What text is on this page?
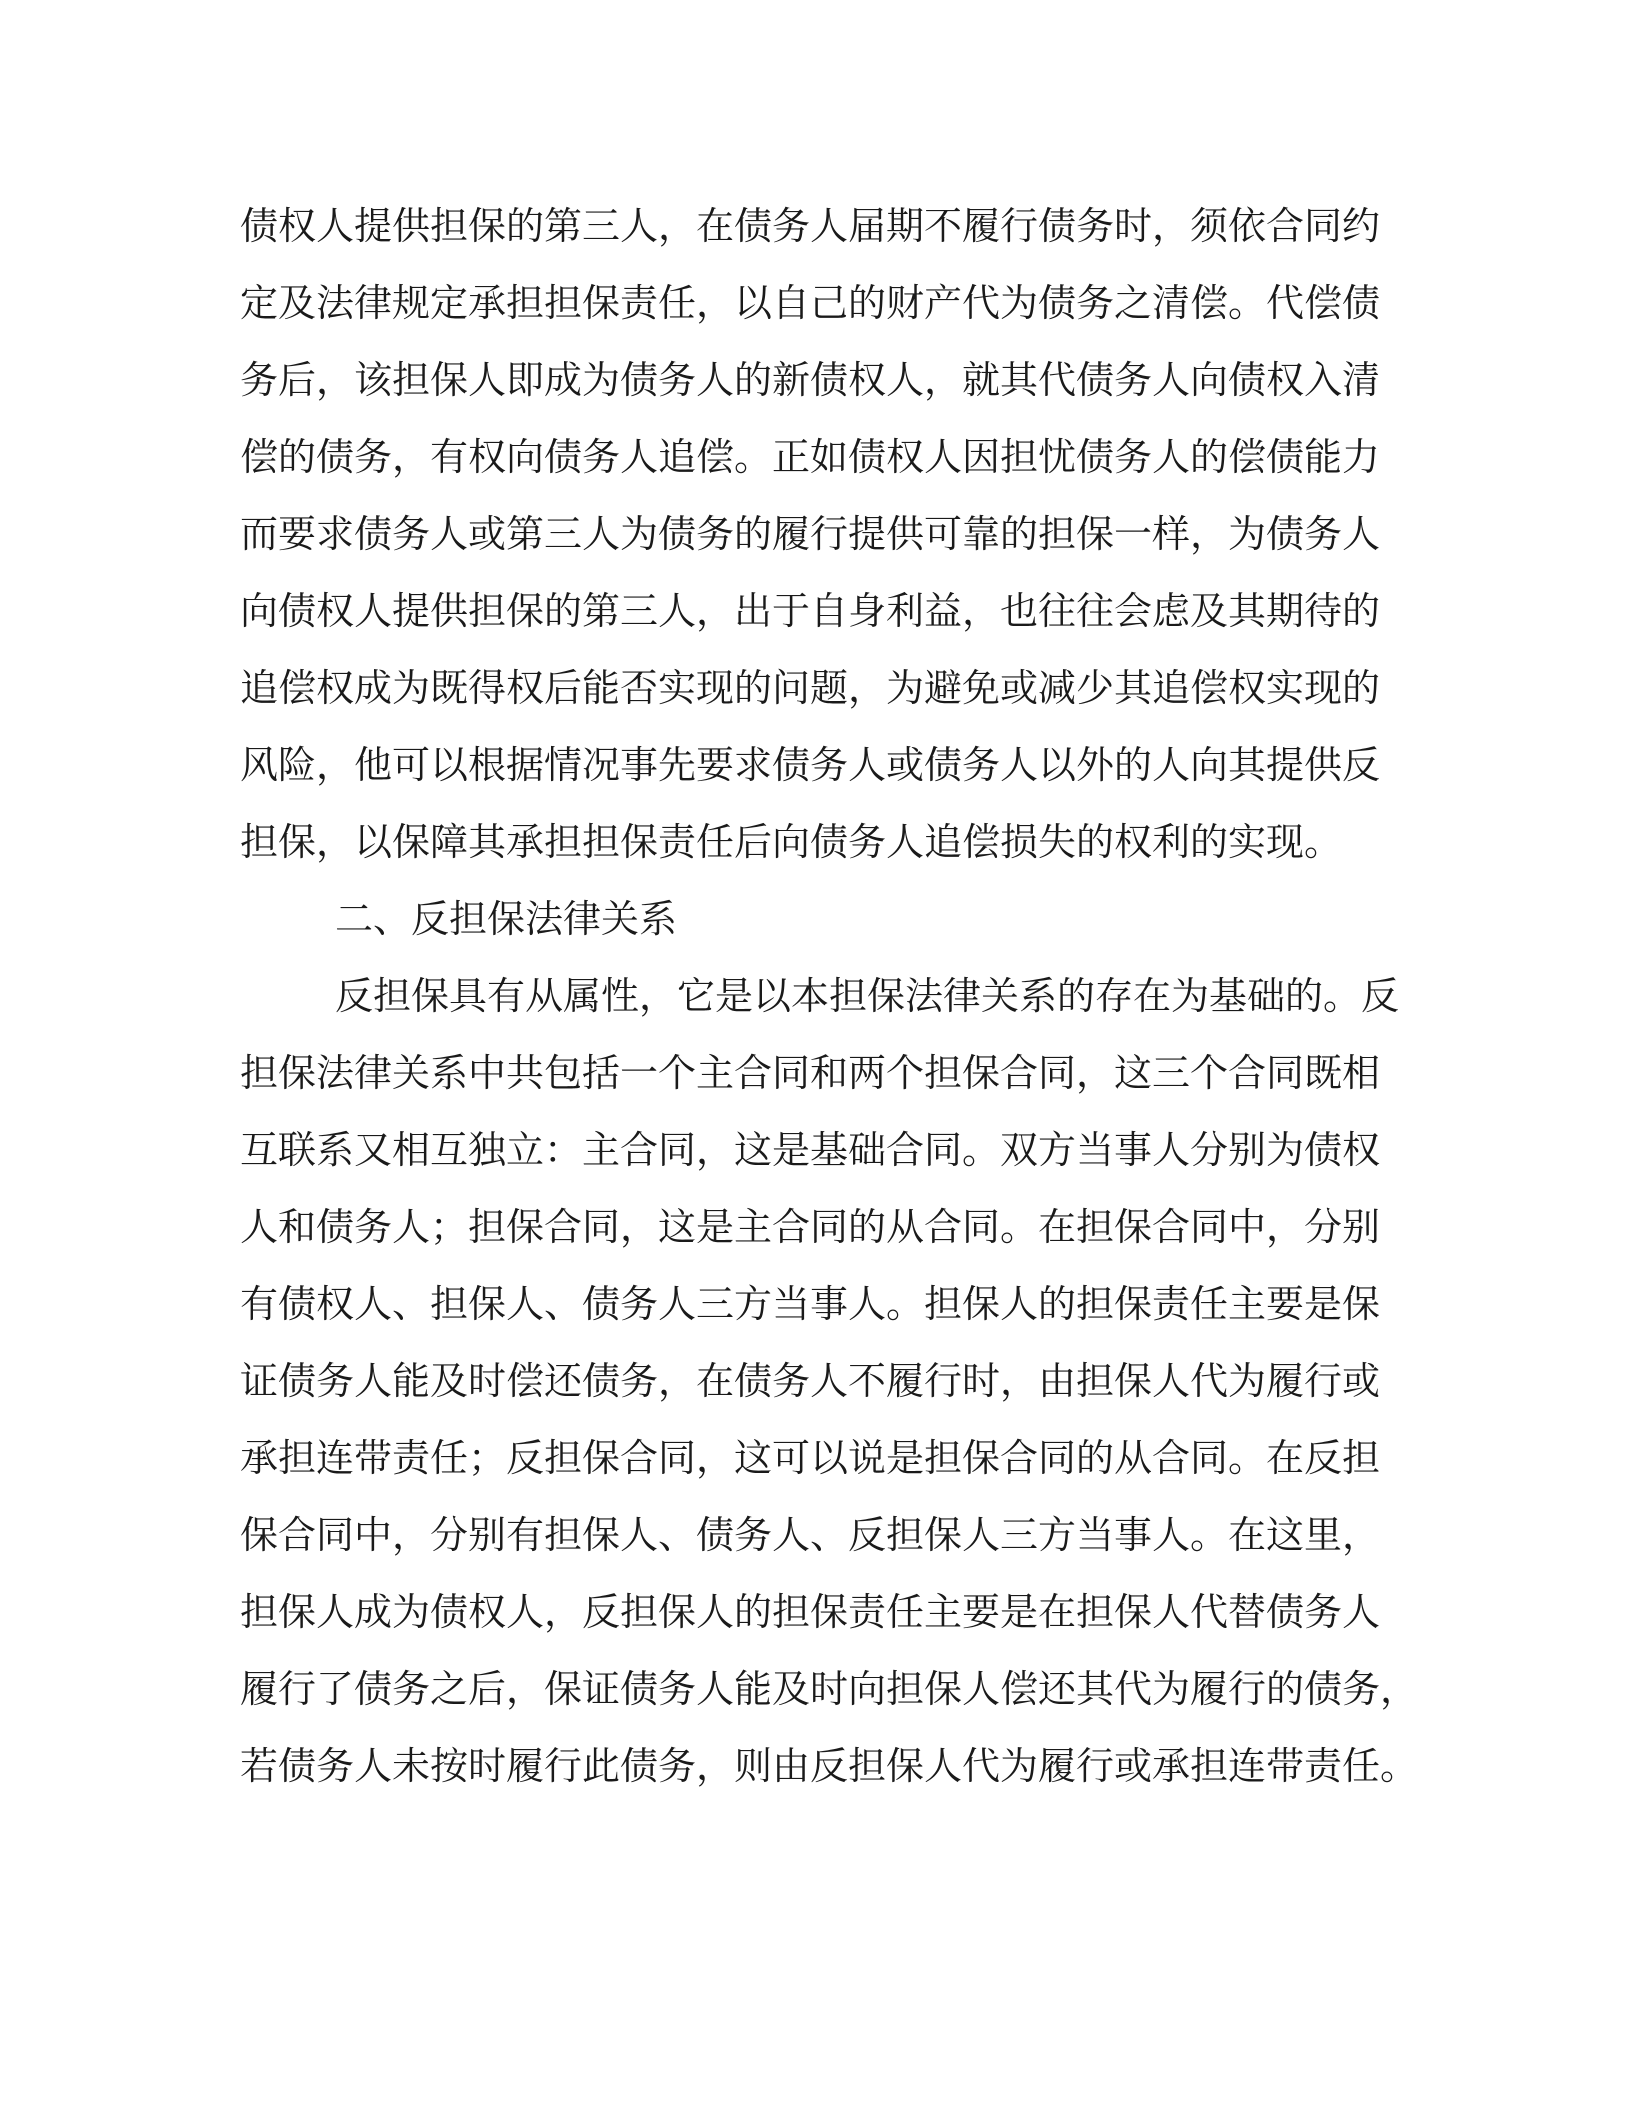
债权人提供担保的第三人，在债务人届期不履行债务时，须依合同约
定及法律规定承担担保责任，以自己的财产代为债务之清偿。代偿债
务后，该担保人即成为债务人的新债权人，就其代债务人向债权入清
偿的债务，有权向债务人追偿。正如债权人因担忧债务人的偿债能力
而要求债务人或第三人为债务的履行提供可靠的担保一样，为债务人
向债权人提供担保的第三人，出于自身利益，也往往会虑及其期待的
追偿权成为既得权后能否实现的问题，为避免或减少其追偿权实现的
风险，他可以根据情况事先要求债务人或债务人以外的人向其提供反
担保，以保障其承担担保责任后向债务人追偿损失的权利的实现。
二、反担保法律关系
反担保具有从属性，它是以本担保法律关系的存在为基础的。反
担保法律关系中共包括一个主合同和两个担保合同，这三个合同既相
互联系又相互独立：主合同，这是基础合同。双方当事人分别为债权
人和债务人；担保合同，这是主合同的从合同。在担保合同中，分别
有债权人、担保人、债务人三方当事人。担保人的担保责任主要是保
证债务人能及时偿还债务，在债务人不履行时，由担保人代为履行或
承担连带责任；反担保合同，这可以说是担保合同的从合同。在反担
保合同中，分别有担保人、债务人、反担保人三方当事人。在这里，
担保人成为债权人，反担保人的担保责任主要是在担保人代替债务人
履行了债务之后，保证债务人能及时向担保人偿还其代为履行的债务，
若债务人未按时履行此债务，则由反担保人代为履行或承担连带责任。
